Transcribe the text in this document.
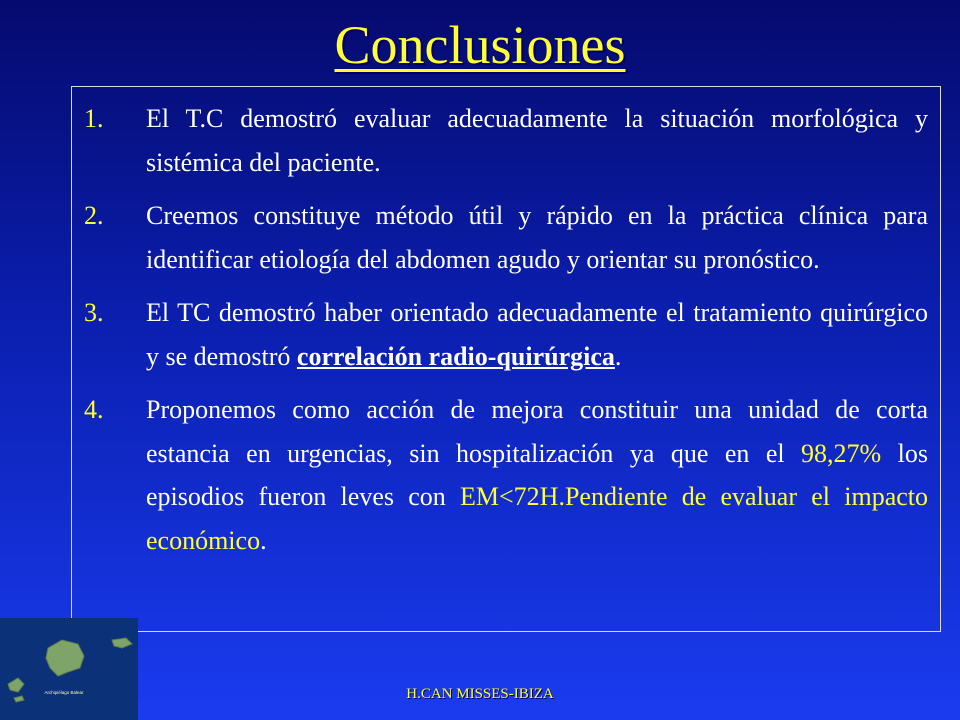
Conclusiones
1. El T.C demostró evaluar adecuadamente la situación morfológica y sistémica del paciente.
2. Creemos constituye método útil y rápido en la práctica clínica para identificar etiología del abdomen agudo y orientar su pronóstico.
3. El TC demostró haber orientado adecuadamente el tratamiento quirúrgico y se demostró correlación radio-quirúrgica.
4. Proponemos como acción de mejora constituir una unidad de corta estancia en urgencias, sin hospitalización ya que en el 98,27% los episodios fueron leves con EM<72H.Pendiente de evaluar el impacto económico.
Archipiélago Balear	H.CAN MISSES-IBIZA
